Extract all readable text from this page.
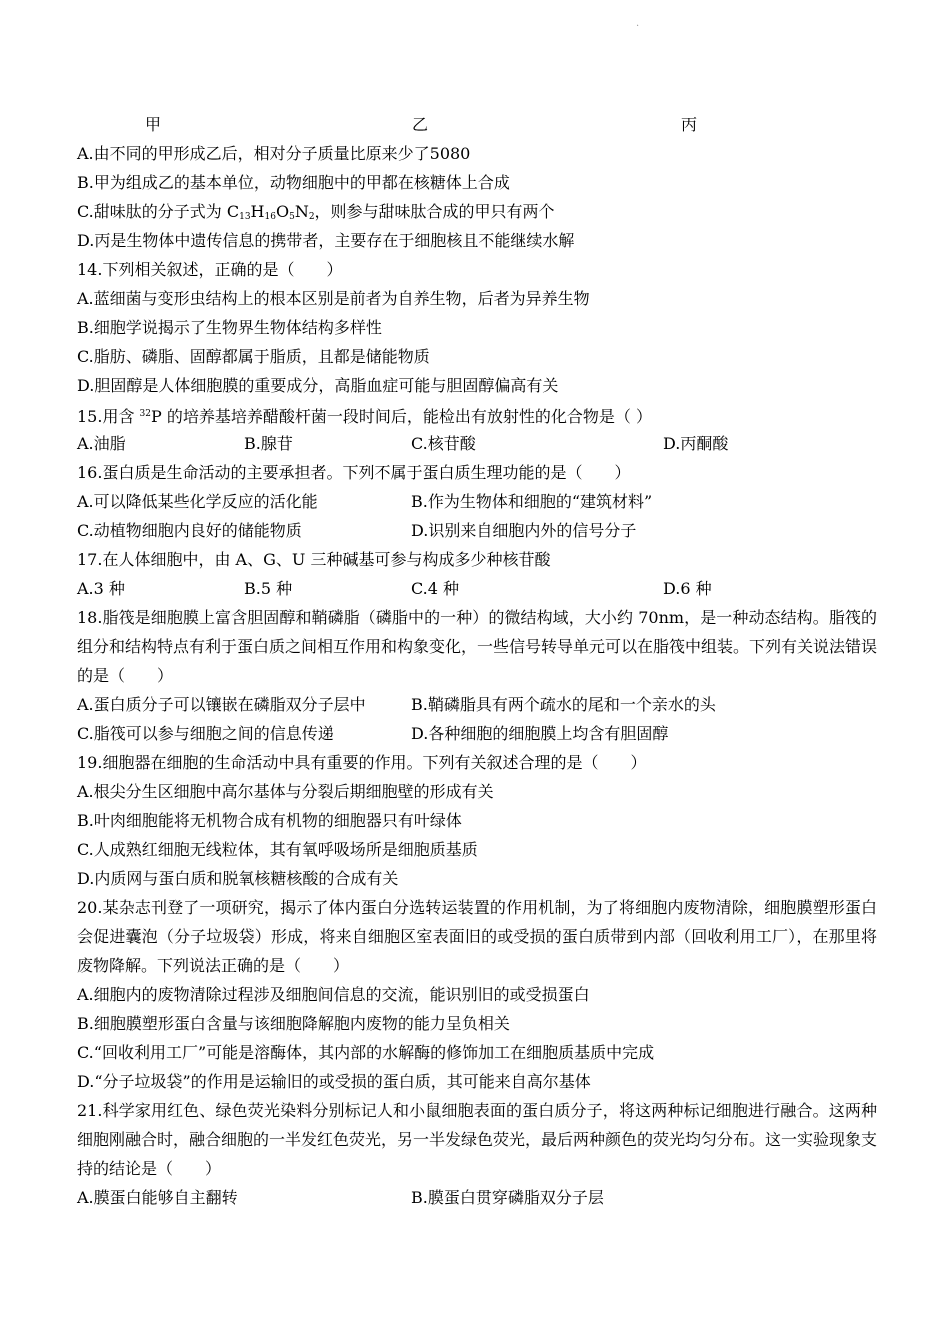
.
甲	乙	丙
A.由不同的甲形成乙后，相对分子质量比原来少了5080
B.甲为组成乙的基本单位，动物细胞中的甲都在核糖体上合成
C.甜味肽的分子式为 $C_{13}H_{16}O_5N_2$，则参与甜味肽合成的甲只有两个
D.丙是生物体中遗传信息的携带者，主要存在于细胞核且不能继续水解
14.下列相关叙述，正确的是（　　）
A.蓝细菌与变形虫结构上的根本区别是前者为自养生物，后者为异养生物
B.细胞学说揭示了生物界生物体结构多样性
C.脂肪、磷脂、固醇都属于脂质，且都是储能物质
D.胆固醇是人体细胞膜的重要成分，高脂血症可能与胆固醇偏高有关
15.用含 $^{32}$P 的培养基培养醋酸杆菌一段时间后，能检出有放射性的化合物是（ ）
A.油脂	B.腺苷	C.核苷酸	D.丙酮酸
16.蛋白质是生命活动的主要承担者。下列不属于蛋白质生理功能的是（　　）
A.可以降低某些化学反应的活化能	B.作为生物体和细胞的“建筑材料”
C.动植物细胞内良好的储能物质	D.识别来自细胞内外的信号分子
17.在人体细胞中，由 A、G、U 三种碱基可参与构成多少种核苷酸
A.3 种	B.5 种	C.4 种	D.6 种
18.脂筏是细胞膜上富含胆固醇和鞘磷脂（磷脂中的一种）的微结构域，大小约 70nm，是一种动态结构。脂筏的组分和结构特点有利于蛋白质之间相互作用和构象变化，一些信号转导单元可以在脂筏中组装。下列有关说法错误的是（　　）
A.蛋白质分子可以镶嵌在磷脂双分子层中	B.鞘磷脂具有两个疏水的尾和一个亲水的头
C.脂筏可以参与细胞之间的信息传递	D.各种细胞的细胞膜上均含有胆固醇
19.细胞器在细胞的生命活动中具有重要的作用。下列有关叙述合理的是（　　）
A.根尖分生区细胞中高尔基体与分裂后期细胞壁的形成有关
B.叶肉细胞能将无机物合成有机物的细胞器只有叶绿体
C.人成熟红细胞无线粒体，其有氧呼吸场所是细胞质基质
D.内质网与蛋白质和脱氧核糖核酸的合成有关
20.某杂志刊登了一项研究，揭示了体内蛋白分选转运装置的作用机制，为了将细胞内废物清除，细胞膜塑形蛋白会促进囊泡（分子垃圾袋）形成，将来自细胞区室表面旧的或受损的蛋白质带到内部（回收利用工厂），在那里将废物降解。下列说法正确的是（　　）
A.细胞内的废物清除过程涉及细胞间信息的交流，能识别旧的或受损蛋白
B.细胞膜塑形蛋白含量与该细胞降解胞内废物的能力呈负相关
C.“回收利用工厂”可能是溶酶体，其内部的水解酶的修饰加工在细胞质基质中完成
D.“分子垃圾袋”的作用是运输旧的或受损的蛋白质，其可能来自高尔基体
21.科学家用红色、绿色荧光染料分别标记人和小鼠细胞表面的蛋白质分子，将这两种标记细胞进行融合。这两种细胞刚融合时，融合细胞的一半发红色荧光，另一半发绿色荧光，最后两种颜色的荧光均匀分布。这一实验现象支持的结论是（　　）
A.膜蛋白能够自主翻转	B.膜蛋白贯穿磷脂双分子层
